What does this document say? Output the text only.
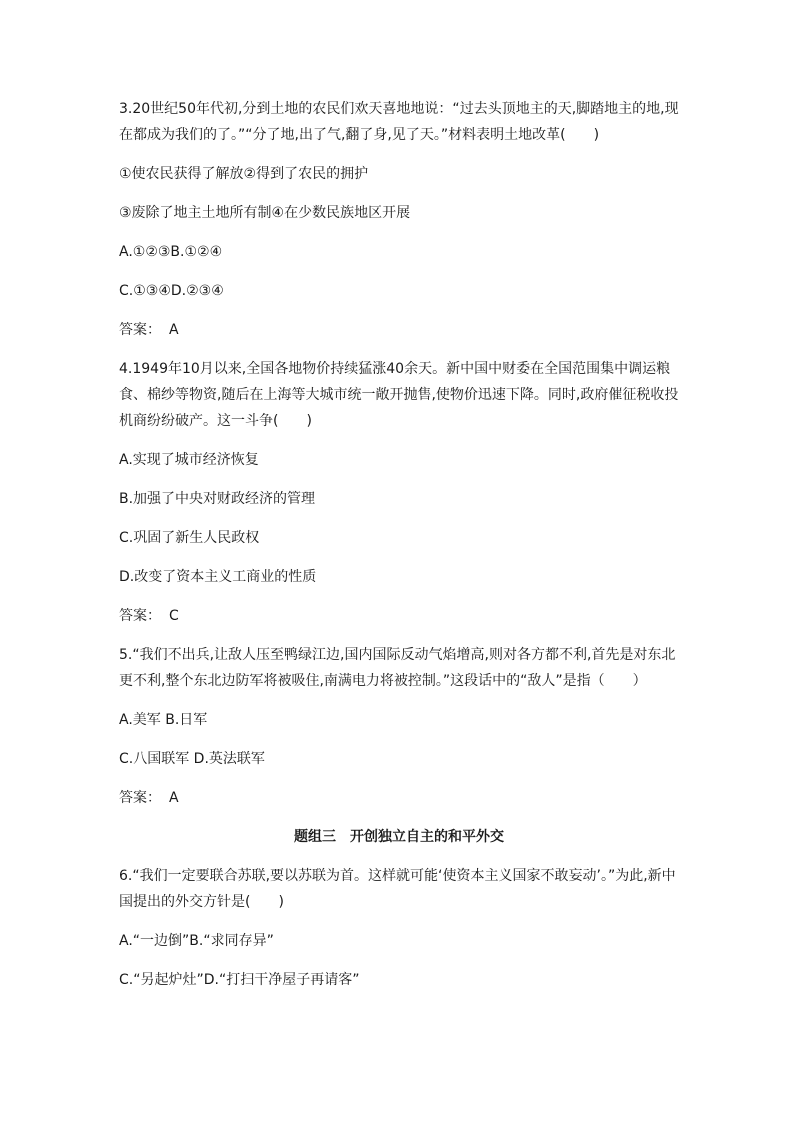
3.20世纪50年代初,分到土地的农民们欢天喜地地说：“过去头顶地主的天,脚踏地主的地,现在都成为我们的了。”“分了地,出了气,翻了身,见了天。”材料表明土地改革(　　)

①使农民获得了解放②得到了农民的拥护

③废除了地主土地所有制④在少数民族地区开展

A.①②③B.①②④

C.①③④D.②③④

答案： A

4.1949年10月以来,全国各地物价持续猛涨40余天。新中国中财委在全国范围集中调运粮食、棉纱等物资,随后在上海等大城市统一敞开抛售,使物价迅速下降。同时,政府催征税收投机商纷纷破产。这一斗争(　　)

A.实现了城市经济恢复

B.加强了中央对财政经济的管理

C.巩固了新生人民政权

D.改变了资本主义工商业的性质

答案： C

5.“我们不出兵,让敌人压至鸭绿江边,国内国际反动气焰增高,则对各方都不利,首先是对东北更不利,整个东北边防军将被吸住,南满电力将被控制。”这段话中的“敌人”是指（　　）

A.美军 B.日军

C.八国联军 D.英法联军

答案： A

题组三　开创独立自主的和平外交

6.“我们一定要联合苏联,要以苏联为首。这样就可能‘使资本主义国家不敢妄动’。”为此,新中国提出的外交方针是(　　)

A.“一边倒”B.“求同存异”

C.“另起炉灶”D.“打扫干净屋子再请客”
